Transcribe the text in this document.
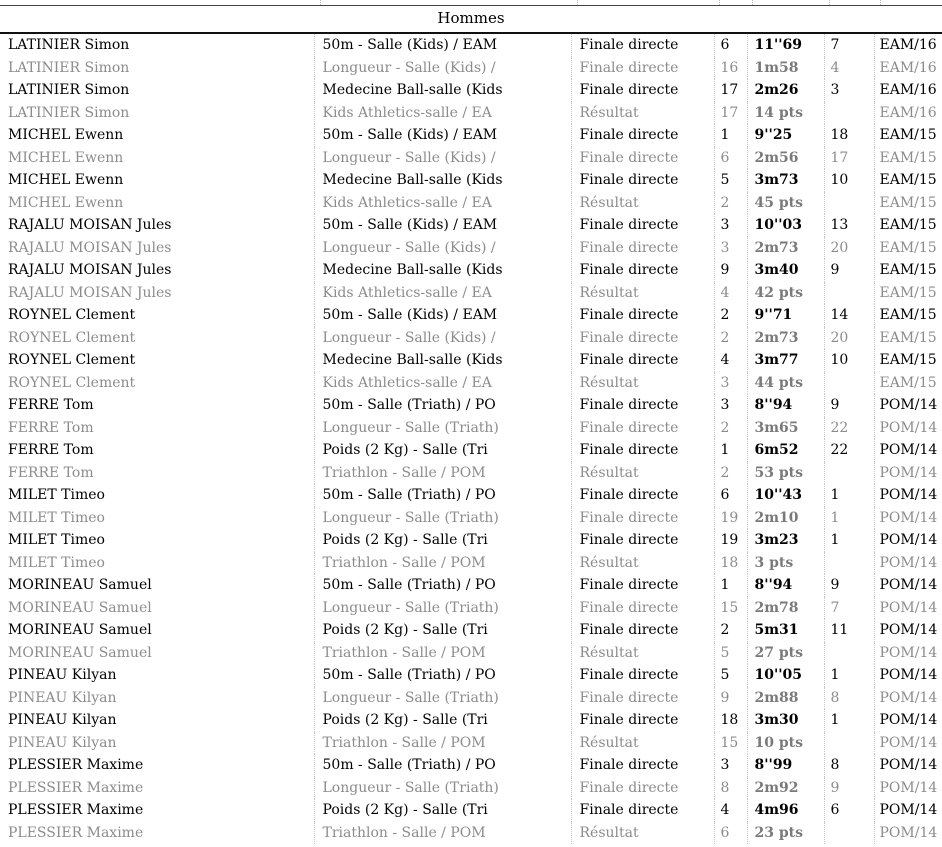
Hommes
LATINIER Simon	50m - Salle (Kids) / EAM	Finale directe	6	11''69	7	EAM/16
LATINIER Simon	Longueur - Salle (Kids) /	Finale directe	16	1m58	4	EAM/16
LATINIER Simon	Medecine Ball-salle (Kids	Finale directe	17	2m26	3	EAM/16
LATINIER Simon	Kids Athletics-salle / EA	Résultat	17	14 pts		EAM/16
MICHEL Ewenn	50m - Salle (Kids) / EAM	Finale directe	1	9''25	18	EAM/15
MICHEL Ewenn	Longueur - Salle (Kids) /	Finale directe	6	2m56	17	EAM/15
MICHEL Ewenn	Medecine Ball-salle (Kids	Finale directe	5	3m73	10	EAM/15
MICHEL Ewenn	Kids Athletics-salle / EA	Résultat	2	45 pts		EAM/15
RAJALU MOISAN Jules	50m - Salle (Kids) / EAM	Finale directe	3	10''03	13	EAM/15
RAJALU MOISAN Jules	Longueur - Salle (Kids) /	Finale directe	3	2m73	20	EAM/15
RAJALU MOISAN Jules	Medecine Ball-salle (Kids	Finale directe	9	3m40	9	EAM/15
RAJALU MOISAN Jules	Kids Athletics-salle / EA	Résultat	4	42 pts		EAM/15
ROYNEL Clement	50m - Salle (Kids) / EAM	Finale directe	2	9''71	14	EAM/15
ROYNEL Clement	Longueur - Salle (Kids) /	Finale directe	2	2m73	20	EAM/15
ROYNEL Clement	Medecine Ball-salle (Kids	Finale directe	4	3m77	10	EAM/15
ROYNEL Clement	Kids Athletics-salle / EA	Résultat	3	44 pts		EAM/15
FERRE Tom	50m - Salle (Triath) / PO	Finale directe	3	8''94	9	POM/14
FERRE Tom	Longueur - Salle (Triath)	Finale directe	2	3m65	22	POM/14
FERRE Tom	Poids (2 Kg) - Salle (Tri	Finale directe	1	6m52	22	POM/14
FERRE Tom	Triathlon - Salle / POM	Résultat	2	53 pts		POM/14
MILET Timeo	50m - Salle (Triath) / PO	Finale directe	6	10''43	1	POM/14
MILET Timeo	Longueur - Salle (Triath)	Finale directe	19	2m10	1	POM/14
MILET Timeo	Poids (2 Kg) - Salle (Tri	Finale directe	19	3m23	1	POM/14
MILET Timeo	Triathlon - Salle / POM	Résultat	18	3 pts		POM/14
MORINEAU Samuel	50m - Salle (Triath) / PO	Finale directe	1	8''94	9	POM/14
MORINEAU Samuel	Longueur - Salle (Triath)	Finale directe	15	2m78	7	POM/14
MORINEAU Samuel	Poids (2 Kg) - Salle (Tri	Finale directe	2	5m31	11	POM/14
MORINEAU Samuel	Triathlon - Salle / POM	Résultat	5	27 pts		POM/14
PINEAU Kilyan	50m - Salle (Triath) / PO	Finale directe	5	10''05	1	POM/14
PINEAU Kilyan	Longueur - Salle (Triath)	Finale directe	9	2m88	8	POM/14
PINEAU Kilyan	Poids (2 Kg) - Salle (Tri	Finale directe	18	3m30	1	POM/14
PINEAU Kilyan	Triathlon - Salle / POM	Résultat	15	10 pts		POM/14
PLESSIER Maxime	50m - Salle (Triath) / PO	Finale directe	3	8''99	8	POM/14
PLESSIER Maxime	Longueur - Salle (Triath)	Finale directe	8	2m92	9	POM/14
PLESSIER Maxime	Poids (2 Kg) - Salle (Tri	Finale directe	4	4m96	6	POM/14
PLESSIER Maxime	Triathlon - Salle / POM	Résultat	6	23 pts		POM/14
